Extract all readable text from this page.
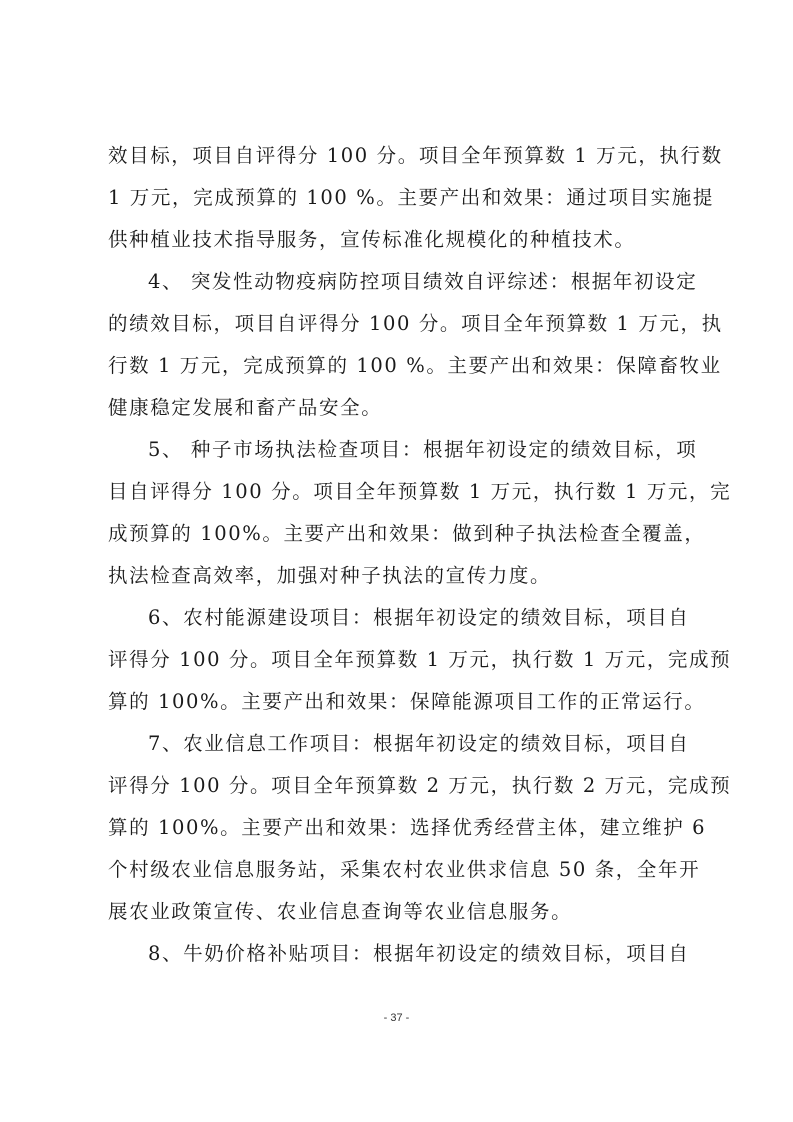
效目标，项目自评得分 100 分。项目全年预算数 1 万元，执行数
1 万元，完成预算的 100 %。主要产出和效果：通过项目实施提
供种植业技术指导服务，宣传标准化规模化的种植技术。
4、 突发性动物疫病防控项目绩效自评综述：根据年初设定
的绩效目标，项目自评得分 100 分。项目全年预算数 1 万元，执
行数 1 万元，完成预算的 100 %。主要产出和效果：保障畜牧业
健康稳定发展和畜产品安全。
5、 种子市场执法检查项目：根据年初设定的绩效目标，项
目自评得分 100 分。项目全年预算数 1 万元，执行数 1 万元，完
成预算的 100%。主要产出和效果：做到种子执法检查全覆盖，
执法检查高效率，加强对种子执法的宣传力度。
6、农村能源建设项目：根据年初设定的绩效目标，项目自
评得分 100 分。项目全年预算数 1 万元，执行数 1 万元，完成预
算的 100%。主要产出和效果：保障能源项目工作的正常运行。
7、农业信息工作项目：根据年初设定的绩效目标，项目自
评得分 100 分。项目全年预算数 2 万元，执行数 2 万元，完成预
算的 100%。主要产出和效果：选择优秀经营主体，建立维护 6
个村级农业信息服务站，采集农村农业供求信息 50 条，全年开
展农业政策宣传、农业信息查询等农业信息服务。
8、牛奶价格补贴项目：根据年初设定的绩效目标，项目自
- 37 -
